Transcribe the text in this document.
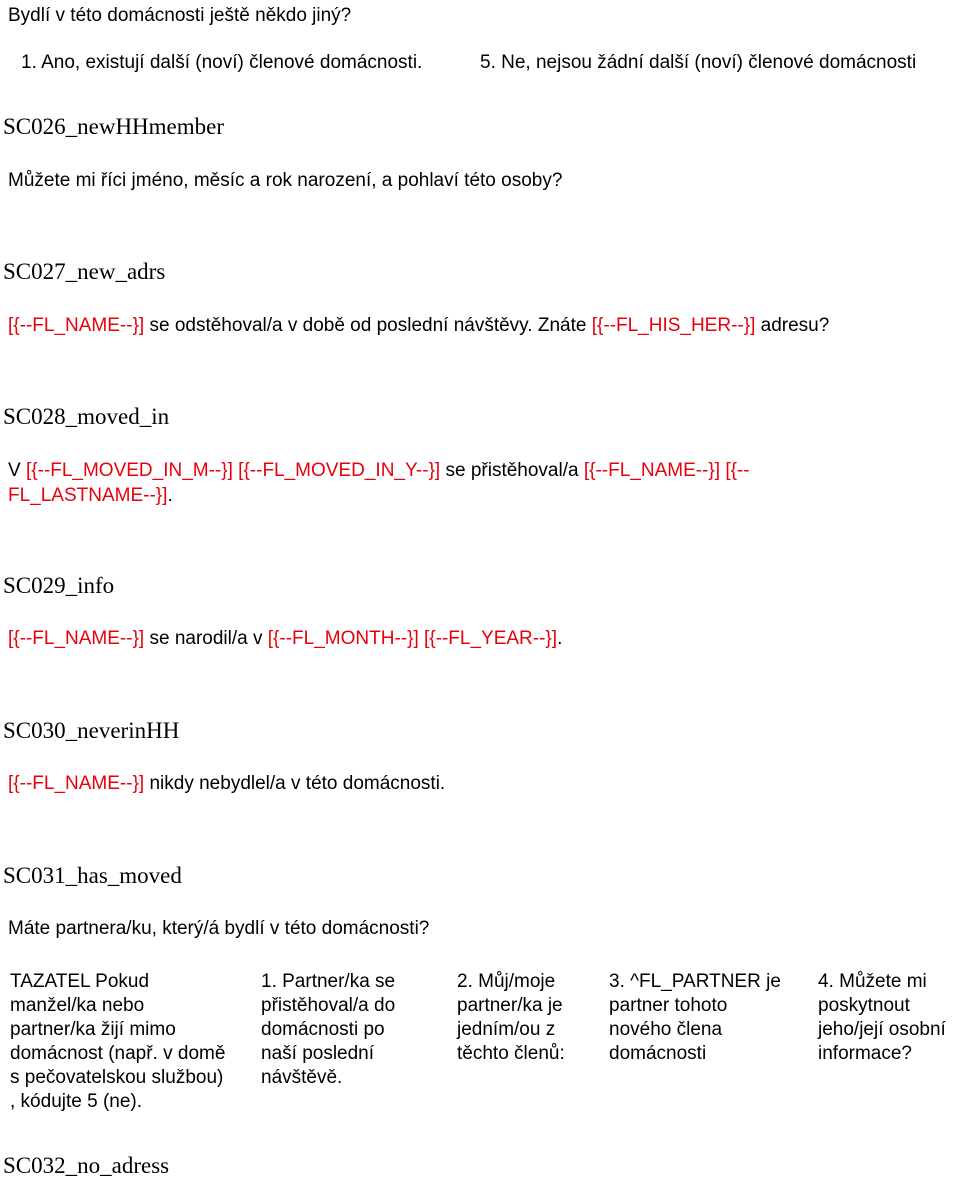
Bydlí v této domácnosti ještě někdo jiný?
1. Ano, existují další (noví) členové domácnosti.	5. Ne, nejsou žádní další (noví) členové domácnosti
SC026_newHHmember
Můžete mi říci jméno, měsíc a rok narození, a pohlaví této osoby?
SC027_new_adrs
[{--FL_NAME--}] se odstěhoval/a v době od poslední návštěvy. Znáte [{--FL_HIS_HER--}] adresu?
SC028_moved_in
V [{--FL_MOVED_IN_M--}] [{--FL_MOVED_IN_Y--}] se přistěhoval/a [{--FL_NAME--}] [{--
FL_LASTNAME--}].
SC029_info
[{--FL_NAME--}] se narodil/a v [{--FL_MONTH--}] [{--FL_YEAR--}].
SC030_neverinHH
[{--FL_NAME--}] nikdy nebydlel/a v této domácnosti.
SC031_has_moved
Máte partnera/ku, který/á bydlí v této domácnosti?
TAZATEL Pokud
manžel/ka nebo
partner/ka žijí mimo
domácnost (např. v domě
s pečovatelskou službou)
, kódujte 5 (ne).
1. Partner/ka se
přistěhoval/a do
domácnosti po
naší poslední
návštěvě.
2. Můj/moje
partner/ka je
jedním/ou z
těchto členů:
3. ^FL_PARTNER je
partner tohoto
nového člena
domácnosti
4. Můžete mi
poskytnout
jeho/její osobní
informace?
SC032_no_adress
